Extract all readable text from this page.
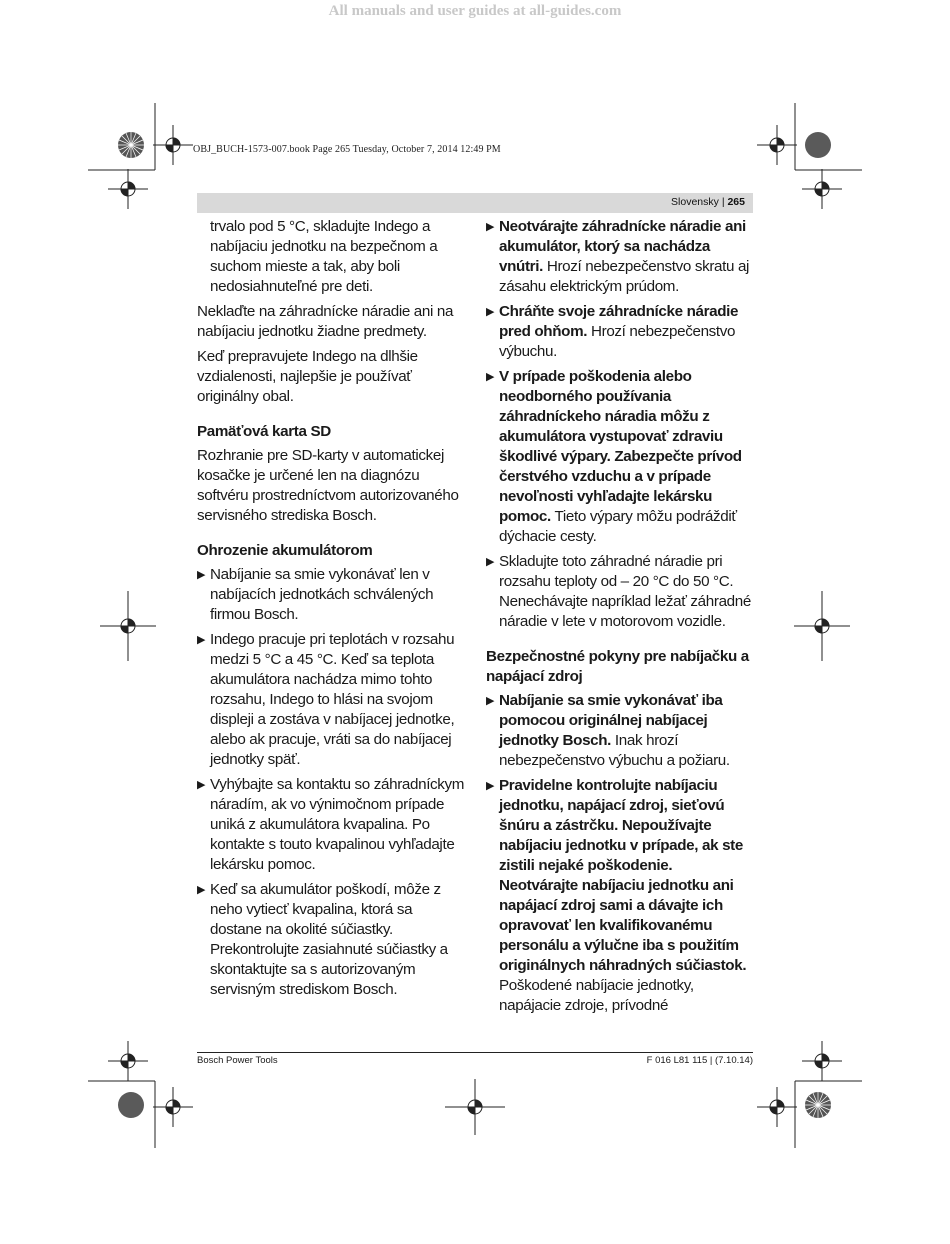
All manuals and user guides at all-guides.com
OBJ_BUCH-1573-007.book Page 265 Tuesday, October 7, 2014 12:49 PM
Slovensky | 265

trvalo pod 5 °C, skladujte Indego a nabíjaciu jednotku na bezpečnom a suchom mieste a tak, aby boli nedosiahnuteľné pre deti.

Neklaďte na záhradnícke náradie ani na nabíjaciu jednotku žiadne predmety.

Keď prepravujete Indego na dlhšie vzdialenosti, najlepšie je používať originálny obal.

Pamäťová karta SD

Rozhranie pre SD-karty v automatickej kosačke je určené len na diagnózu softvéru prostredníctvom autorizovaného servisného strediska Bosch.

Ohrozenie akumulátorom
▶ Nabíjanie sa smie vykonávať len v nabíjacích jednotkách schválených firmou Bosch.
▶ Indego pracuje pri teplotách v rozsahu medzi 5 °C a 45 °C. Keď sa teplota akumulátora nachádza mimo tohto rozsahu, Indego to hlási na svojom displeji a zostáva v nabíjacej jednotke, alebo ak pracuje, vráti sa do nabíjacej jednotky späť.
▶ Vyhýbajte sa kontaktu so záhradníckym náradím, ak vo výnimočnom prípade uniká z akumulátora kvapalina. Po kontakte s touto kvapalinou vyhľadajte lekársku pomoc.
▶ Keď sa akumulátor poškodí, môže z neho vytiecť kvapalina, ktorá sa dostane na okolité súčiastky. Prekontrolujte zasiahnuté súčiastky a skontaktujte sa s autorizovaným servisným strediskom Bosch.
▶ Neotvárajte záhradnícke náradie ani akumulátor, ktorý sa nachádza vnútri. Hrozí nebezpečenstvo skratu aj zásahu elektrickým prúdom.
▶ Chráňte svoje záhradnícke náradie pred ohňom. Hrozí nebezpečenstvo výbuchu.
▶ V prípade poškodenia alebo neodborného používania záhradníckeho náradia môžu z akumulátora vystupovať zdraviu škodlivé výpary. Zabezpečte prívod čerstvého vzduchu a v prípade nevoľnosti vyhľadajte lekársku pomoc. Tieto výpary môžu podráždiť dýchacie cesty.
▶ Skladujte toto záhradné náradie pri rozsahu teploty od – 20 °C do 50 °C. Nenechávajte napríklad ležať záhradné náradie v lete v motorovom vozidle.
Bezpečnostné pokyny pre nabíjačku a napájací zdroj
▶ Nabíjanie sa smie vykonávať iba pomocou originálnej nabíjacej jednotky Bosch. Inak hrozí nebezpečenstvo výbuchu a požiaru.
▶ Pravidelne kontrolujte nabíjaciu jednotku, napájací zdroj, sieťovú šnúru a zástrčku. Nepoužívajte nabíjaciu jednotku v prípade, ak ste zistili nejaké poškodenie. Neotvárajte nabíjaciu jednotku ani napájací zdroj sami a dávajte ich opravovať len kvalifikovanému personálu a výlučne iba s použitím originálnych náhradných súčiastok. Poškodené nabíjacie jednotky, napájacie zdroje, prívodné
Bosch Power Tools	F 016 L81 115 | (7.10.14)
